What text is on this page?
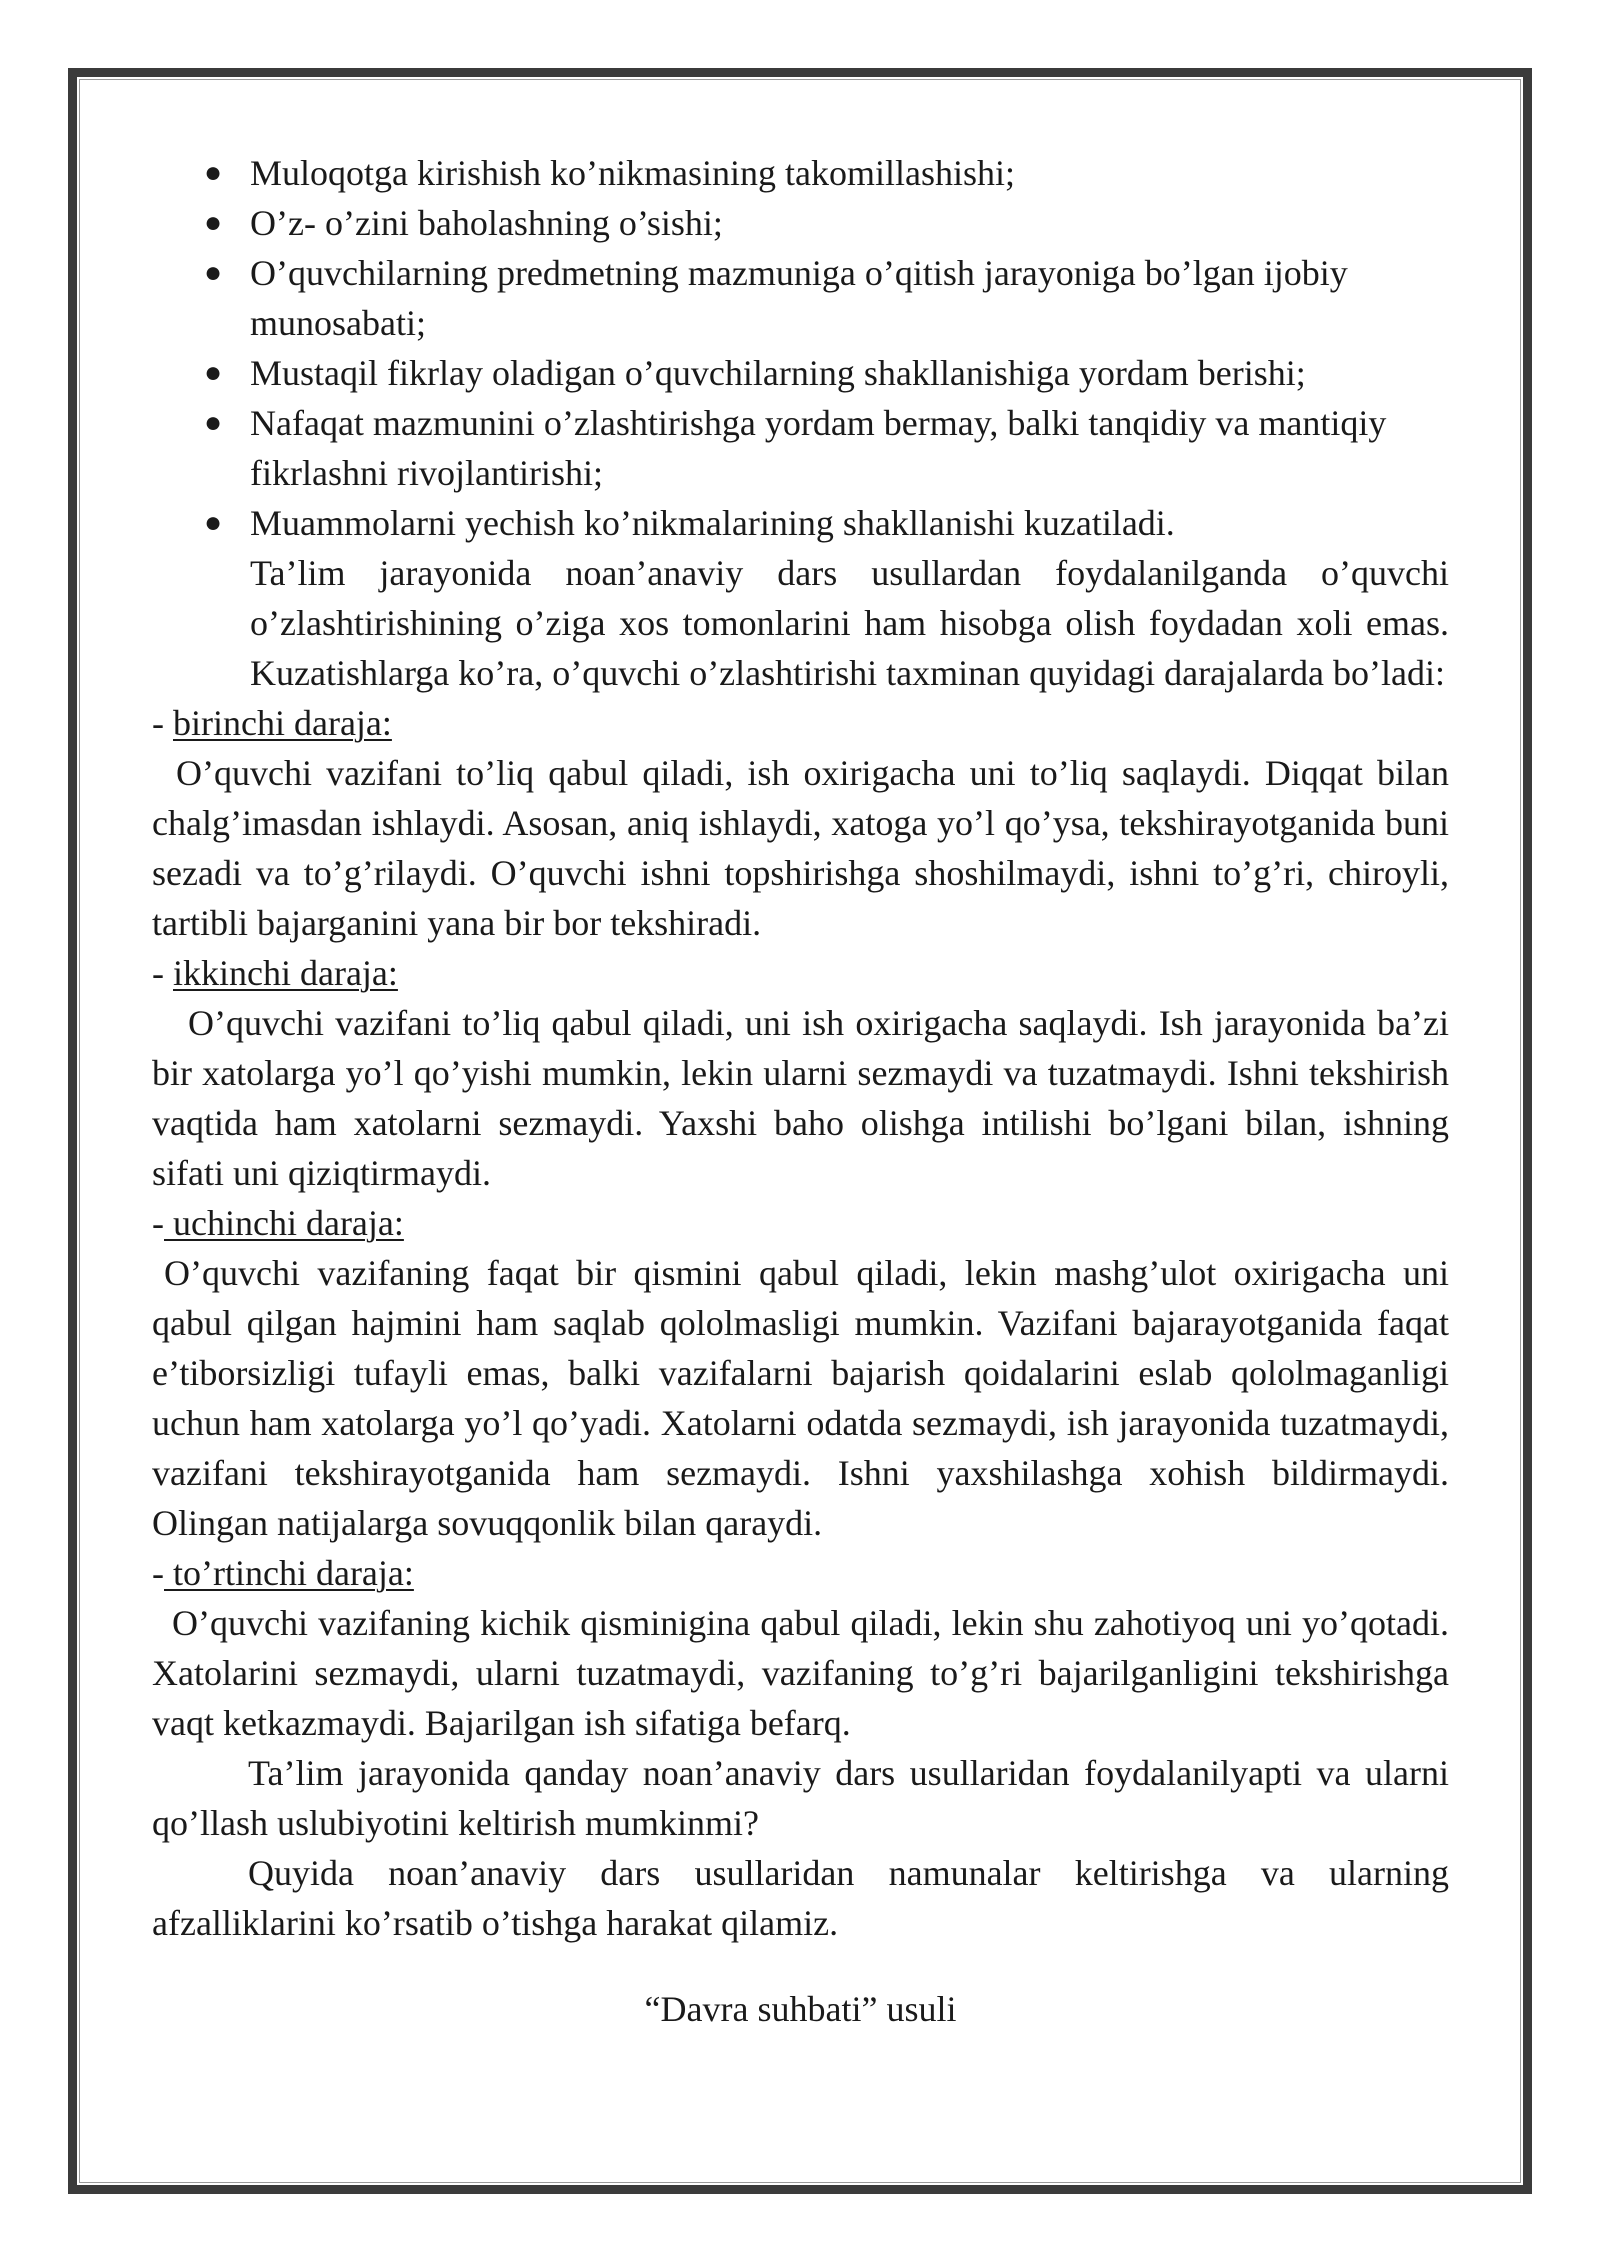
● Muloqotga kirishish ko’nikmasining takomillashishi;
● O’z- o’zini baholashning o’sishi;
● O’quvchilarning predmetning mazmuniga o’qitish jarayoniga bo’lgan ijobiy munosabati;
● Mustaqil fikrlay oladigan o’quvchilarning shakllanishiga yordam berishi;
● Nafaqat mazmunini o’zlashtirishga yordam bermay, balki tanqidiy va mantiqiy fikrlashni rivojlantirishi;
● Muammolarni yechish ko’nikmalarining shakllanishi kuzatiladi.

Ta’lim jarayonida noan’anaviy dars usullardan foydalanilganda o’quvchi o’zlashtirishining o’ziga xos tomonlarini ham hisobga olish foydadan xoli emas. Kuzatishlarga ko’ra, o’quvchi o’zlashtirishi taxminan quyidagi darajalarda bo’ladi:

- birinchi daraja:

O’quvchi vazifani to’liq qabul qiladi, ish oxirigacha uni to’liq saqlaydi. Diqqat bilan chalg’imasdan ishlaydi. Asosan, aniq ishlaydi, xatoga yo’l qo’ysa, tekshirayotganida buni sezadi va to’g’rilaydi. O’quvchi ishni topshirishga shoshilmaydi, ishni to’g’ri, chiroyli, tartibli bajarganini yana bir bor tekshiradi.

- ikkinchi daraja:

O’quvchi vazifani to’liq qabul qiladi, uni ish oxirigacha saqlaydi. Ish jarayonida ba’zi bir xatolarga yo’l qo’yishi mumkin, lekin ularni sezmaydi va tuzatmaydi. Ishni tekshirish vaqtida ham xatolarni sezmaydi. Yaxshi baho olishga intilishi bo’lgani bilan, ishning sifati uni qiziqtirmaydi.

- uchinchi daraja:

O’quvchi vazifaning faqat bir qismini qabul qiladi, lekin mashg’ulot oxirigacha uni qabul qilgan hajmini ham saqlab qololmasligi mumkin. Vazifani bajarayotganida faqat e’tiborsizligi tufayli emas, balki vazifalarni bajarish qoidalarini eslab qololmaganligi uchun ham xatolarga yo’l qo’yadi. Xatolarni odatda sezmaydi, ish jarayonida tuzatmaydi, vazifani tekshirayotganida ham sezmaydi. Ishni yaxshilashga xohish bildirmaydi. Olingan natijalarga sovuqqonlik bilan qaraydi.

- to’rtinchi daraja:

O’quvchi vazifaning kichik qisminigina qabul qiladi, lekin shu zahotiyoq uni yo’qotadi. Xatolarini sezmaydi, ularni tuzatmaydi, vazifaning to’g’ri bajarilganligini tekshirishga vaqt ketkazmaydi. Bajarilgan ish sifatiga befarq.

Ta’lim jarayonida qanday noan’anaviy dars usullaridan foydalanilyapti va ularni qo’llash uslubiyotini keltirish mumkinmi?

Quyida noan’anaviy dars usullaridan namunalar keltirishga va ularning afzalliklarini ko’rsatib o’tishga harakat qilamiz.

“Davra suhbati” usuli
